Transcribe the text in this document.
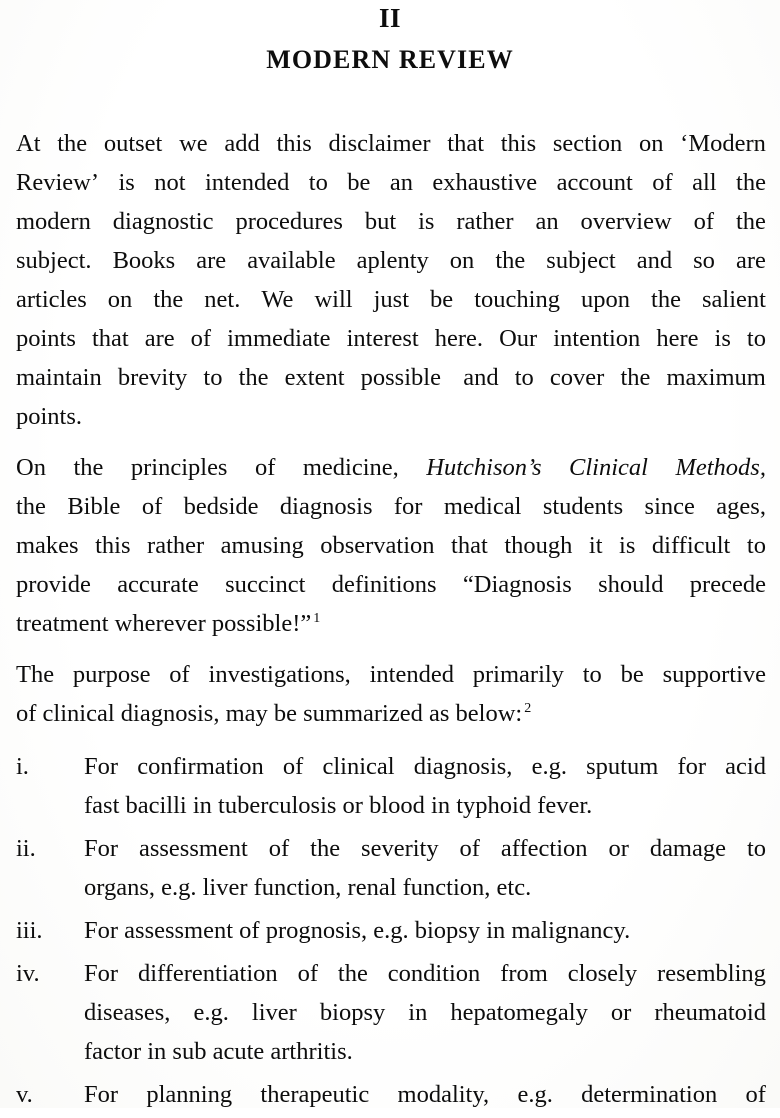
II
MODERN REVIEW

At the outset we add this disclaimer that this section on ‘Modern
Review’ is not intended to be an exhaustive account of all the
modern diagnostic procedures but is rather an overview of the
subject. Books are available aplenty on the subject and so are
articles on the net. We will just be touching upon the salient
points that are of immediate interest here. Our intention here is to
maintain brevity to the extent possible and to cover the maximum
points.

On the principles of medicine, Hutchison’s Clinical Methods,
the Bible of bedside diagnosis for medical students since ages,
makes this rather amusing observation that though it is difficult to
provide accurate succinct definitions “Diagnosis should precede
treatment wherever possible!” $^1$

The purpose of investigations, intended primarily to be supportive
of clinical diagnosis, may be summarized as below: $^2$

i.	For confirmation of clinical diagnosis, e.g. sputum for acid
fast bacilli in tuberculosis or blood in typhoid fever.
ii.	For assessment of the severity of affection or damage to
organs, e.g. liver function, renal function, etc.
iii.	For assessment of prognosis, e.g. biopsy in malignancy.
iv.	For differentiation of the condition from closely resembling
diseases, e.g. liver biopsy in hepatomegaly or rheumatoid
factor in sub acute arthritis.
v.	For planning therapeutic modality, e.g. determination of
